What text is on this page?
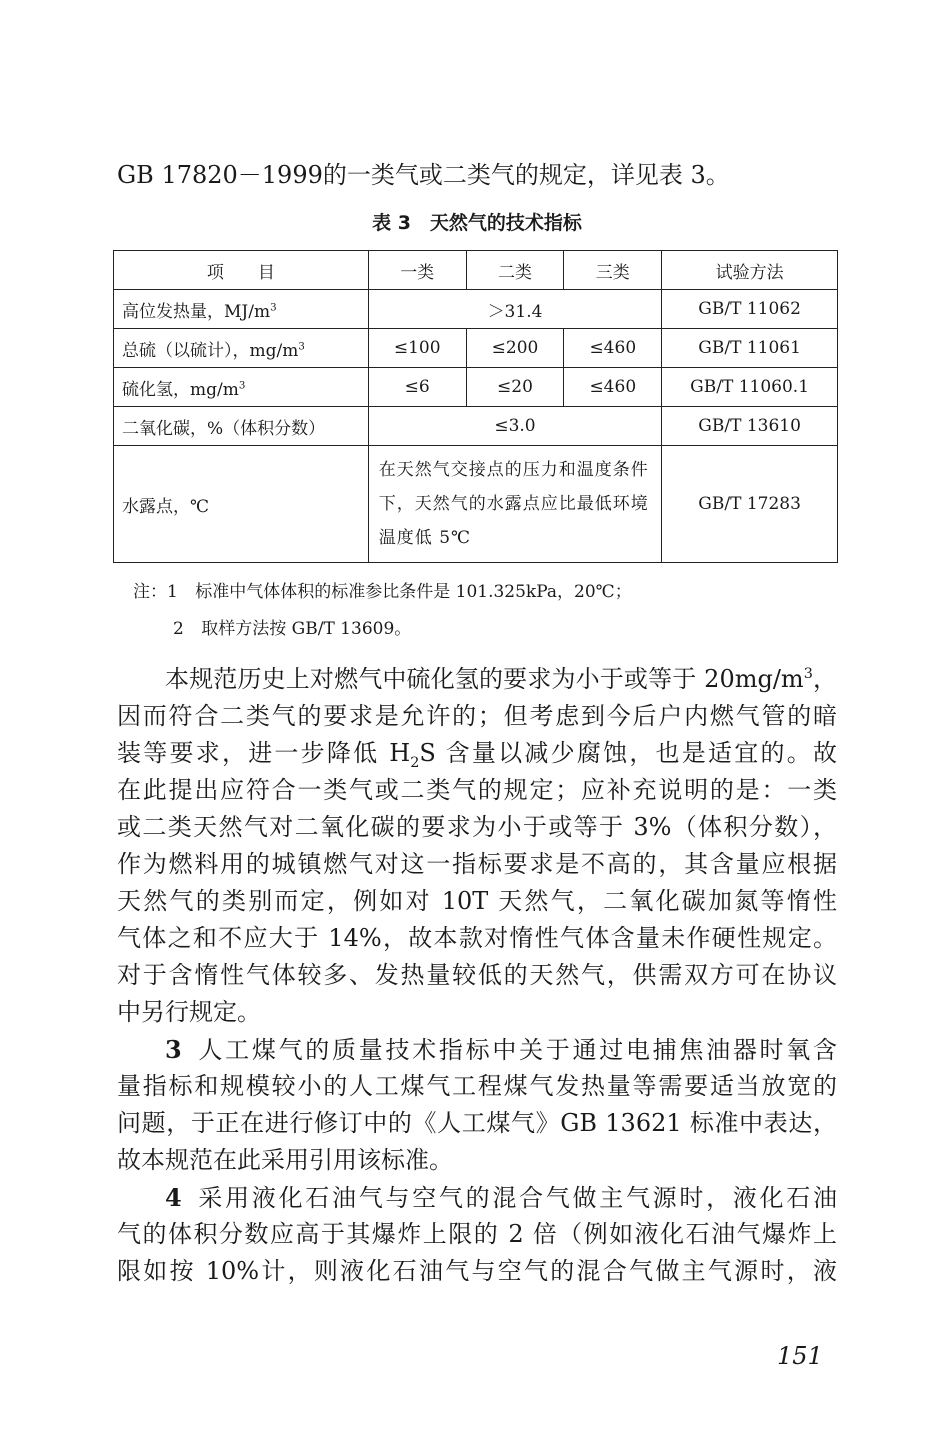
GB 17820－1999的一类气或二类气的规定，详见表 3。
表 3　天然气的技术指标
项　　目	一类	二类	三类	试验方法
高位发热量，$MJ/m^3$	＞31.4			GB/T 11062
总硫（以硫计），$mg/m^3$	≤100	≤200	≤460	GB/T 11061
硫化氢，$mg/m^3$	≤6	≤20	≤460	GB/T 11060.1
二氧化碳，%（体积分数）	≤3.0			GB/T 13610
水露点，℃	在天然气交接点的压力和温度条件下，天然气的水露点应比最低环境温度低 5℃			GB/T 17283
注：1 标准中气体体积的标准参比条件是 101.325kPa，20℃；
2 取样方法按 GB/T 13609。
本规范历史上对燃气中硫化氢的要求为小于或等于 $20mg/m^3$，
因而符合二类气的要求是允许的；但考虑到今后户内燃气管的暗
装等要求，进一步降低 $H_2S$ 含量以减少腐蚀，也是适宜的。故
在此提出应符合一类气或二类气的规定；应补充说明的是：一类
或二类天然气对二氧化碳的要求为小于或等于 3%（体积分数），
作为燃料用的城镇燃气对这一指标要求是不高的，其含量应根据
天然气的类别而定，例如对 10T 天然气，二氧化碳加氮等惰性
气体之和不应大于 14%，故本款对惰性气体含量未作硬性规定。
对于含惰性气体较多、发热量较低的天然气，供需双方可在协议
中另行规定。
3 人工煤气的质量技术指标中关于通过电捕焦油器时氧含
量指标和规模较小的人工煤气工程煤气发热量等需要适当放宽的
问题，于正在进行修订中的《人工煤气》GB 13621 标准中表达，
故本规范在此采用引用该标准。
4 采用液化石油气与空气的混合气做主气源时，液化石油
气的体积分数应高于其爆炸上限的 2 倍（例如液化石油气爆炸上
限如按 10%计，则液化石油气与空气的混合气做主气源时，液
151
